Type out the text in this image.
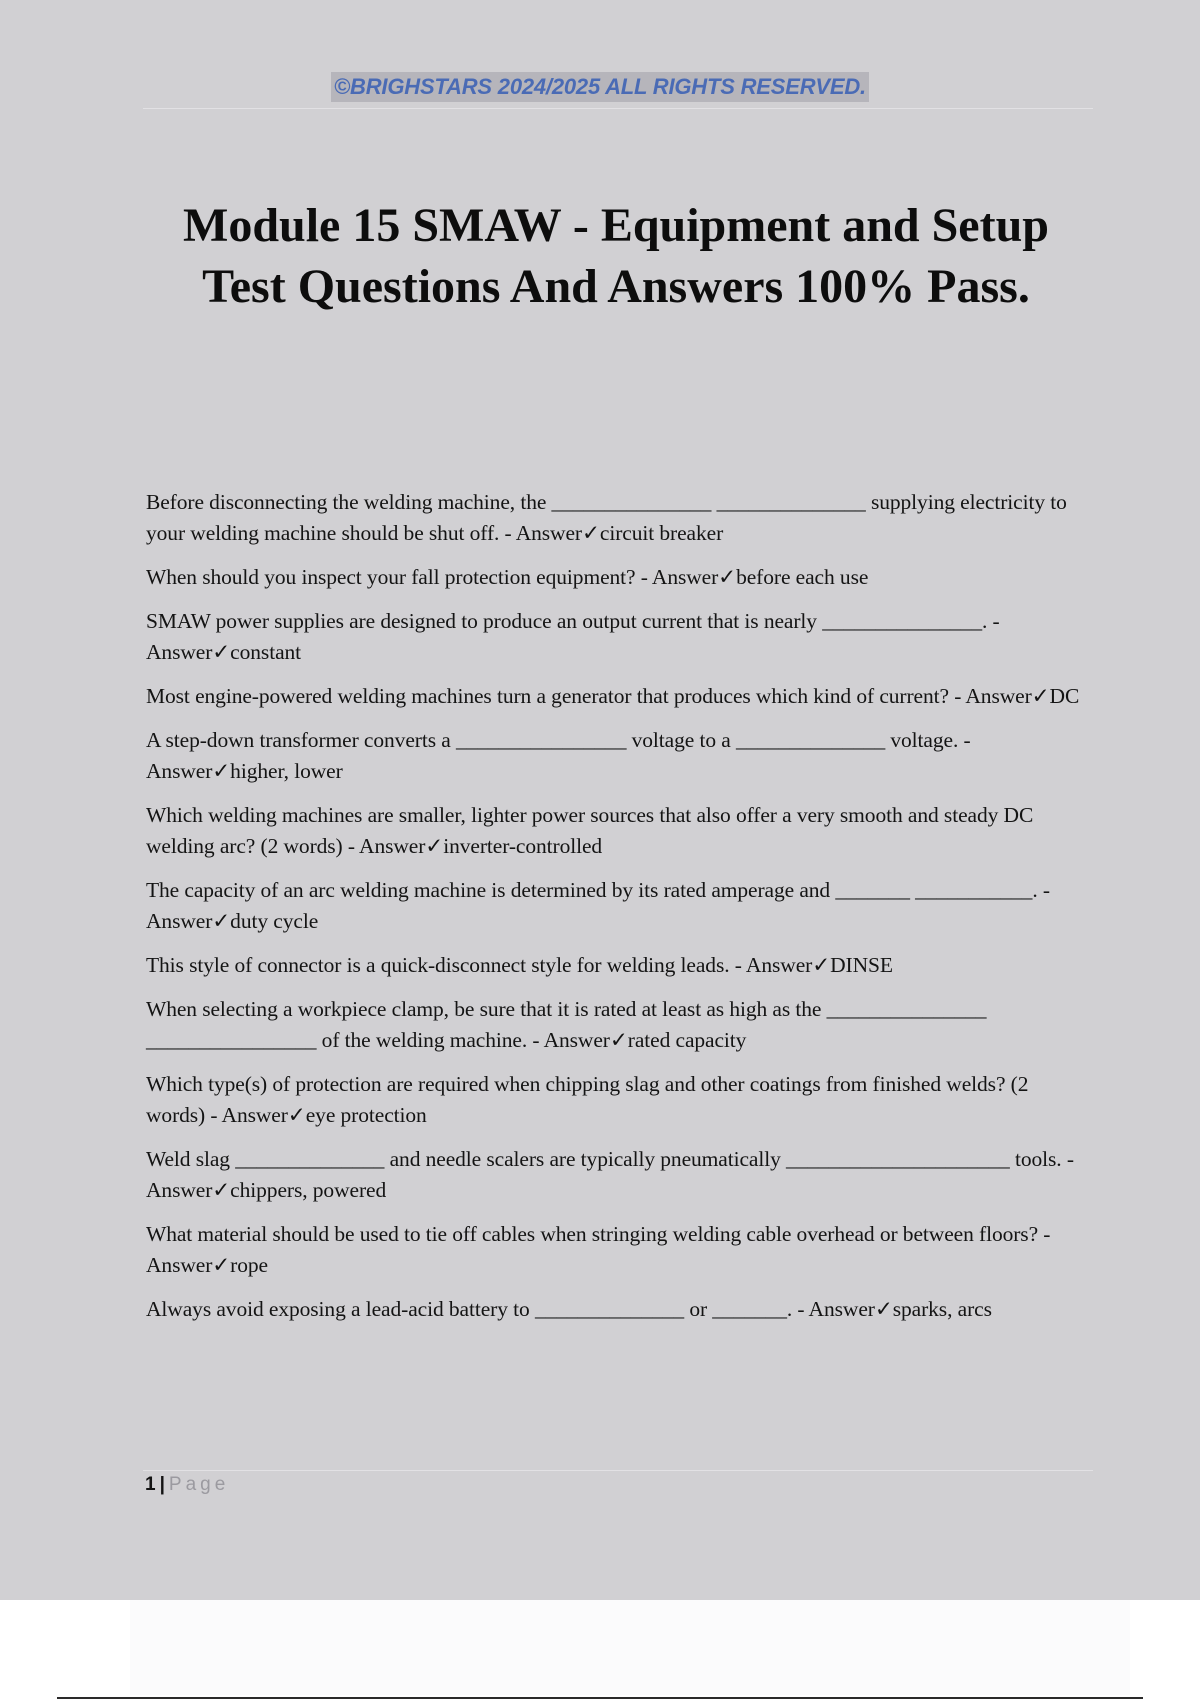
©BRIGHSTARS 2024/2025 ALL RIGHTS RESERVED.
Module 15 SMAW - Equipment and Setup
Test Questions And Answers 100% Pass.
Before disconnecting the welding machine, the _______________ ______________ supplying electricity to your welding machine should be shut off. - Answer✓circuit breaker
When should you inspect your fall protection equipment? - Answer✓before each use
SMAW power supplies are designed to produce an output current that is nearly _______________. - Answer✓constant
Most engine-powered welding machines turn a generator that produces which kind of current? - Answer✓DC
A step-down transformer converts a ________________ voltage to a ______________ voltage. - Answer✓higher, lower
Which welding machines are smaller, lighter power sources that also offer a very smooth and steady DC welding arc? (2 words) - Answer✓inverter-controlled
The capacity of an arc welding machine is determined by its rated amperage and _______ ___________. - Answer✓duty cycle
This style of connector is a quick-disconnect style for welding leads. - Answer✓DINSE
When selecting a workpiece clamp, be sure that it is rated at least as high as the _______________ ________________ of the welding machine. - Answer✓rated capacity
Which type(s) of protection are required when chipping slag and other coatings from finished welds? (2 words) - Answer✓eye protection
Weld slag ______________ and needle scalers are typically pneumatically _____________________ tools. - Answer✓chippers, powered
What material should be used to tie off cables when stringing welding cable overhead or between floors? - Answer✓rope
Always avoid exposing a lead-acid battery to ______________ or _______. - Answer✓sparks, arcs
1 | Page
